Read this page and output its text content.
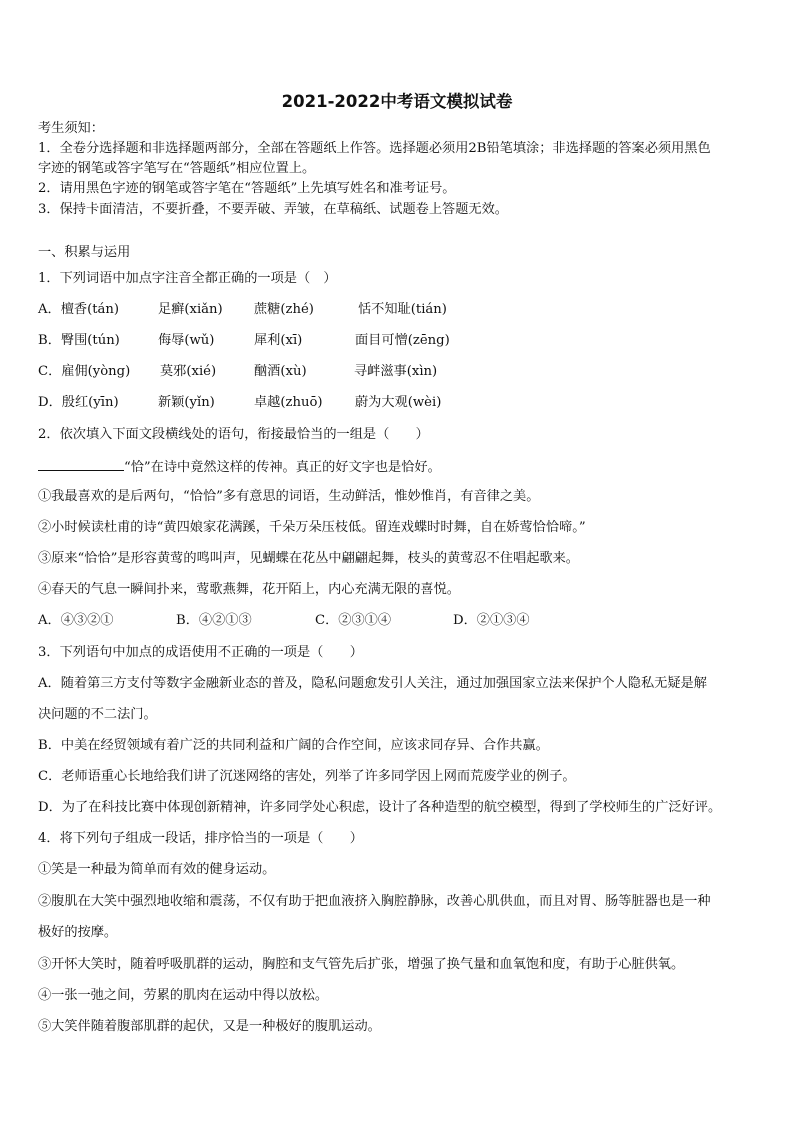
2021-2022中考语文模拟试卷
考生须知：
1．全卷分选择题和非选择题两部分，全部在答题纸上作答。选择题必须用2B铅笔填涂；非选择题的答案必须用黑色
字迹的钢笔或答字笔写在“答题纸”相应位置上。
2．请用黑色字迹的钢笔或答字笔在“答题纸”上先填写姓名和准考证号。
3．保持卡面清洁，不要折叠，不要弄破、弄皱，在草稿纸、试题卷上答题无效。
一、积累与运用
1．下列词语中加点字注音全都正确的一项是（　）
A．檀香(tán)	足癣(xiǎn) 蔗糖(zhé)	恬不知耻(tián)
B．臀围(tún)	侮辱(wǔ)	犀利(xī)	面目可憎(zēng)
C．雇佣(yòng) 莫邪(xié)	酗酒(xù)	寻衅滋事(xìn)
D．殷红(yīn)	新颖(yǐn)	卓越(zhuō) 蔚为大观(wèi)
2．依次填入下面文段横线处的语句，衔接最恰当的一组是（　　）
“恰”在诗中竟然这样的传神。真正的好文字也是恰好。
①我最喜欢的是后两句，“恰恰”多有意思的词语，生动鲜活，惟妙惟肖，有音律之美。
②小时候读杜甫的诗“黄四娘家花满蹊，千朵万朵压枝低。留连戏蝶时时舞，自在娇莺恰恰啼。”
③原来“恰恰”是形容黄莺的鸣叫声，见蝴蝶在花丛中翩翩起舞，枝头的黄莺忍不住唱起歌来。
④春天的气息一瞬间扑来，莺歌燕舞，花开陌上，内心充满无限的喜悦。
A．④③②①	B．④②①③	C．②③①④	D．②①③④
3．下列语句中加点的成语使用不正确的一项是（　　）
A．随着第三方支付等数字金融新业态的普及，隐私问题愈发引人关注，通过加强国家立法来保护个人隐私无疑是解
决问题的不二法门。
B．中美在经贸领域有着广泛的共同利益和广阔的合作空间，应该求同存异、合作共赢。
C．老师语重心长地给我们讲了沉迷网络的害处，列举了许多同学因上网而荒废学业的例子。
D．为了在科技比赛中体现创新精神，许多同学处心积虑，设计了各种造型的航空模型，得到了学校师生的广泛好评。
4．将下列句子组成一段话，排序恰当的一项是（　　）
①笑是一种最为简单而有效的健身运动。
②腹肌在大笑中强烈地收缩和震荡，不仅有助于把血液挤入胸腔静脉，改善心肌供血，而且对胃、肠等脏器也是一种
极好的按摩。
③开怀大笑时，随着呼吸肌群的运动，胸腔和支气管先后扩张，增强了换气量和血氧饱和度，有助于心脏供氧。
④一张一弛之间，劳累的肌肉在运动中得以放松。
⑤大笑伴随着腹部肌群的起伏，又是一种极好的腹肌运动。
